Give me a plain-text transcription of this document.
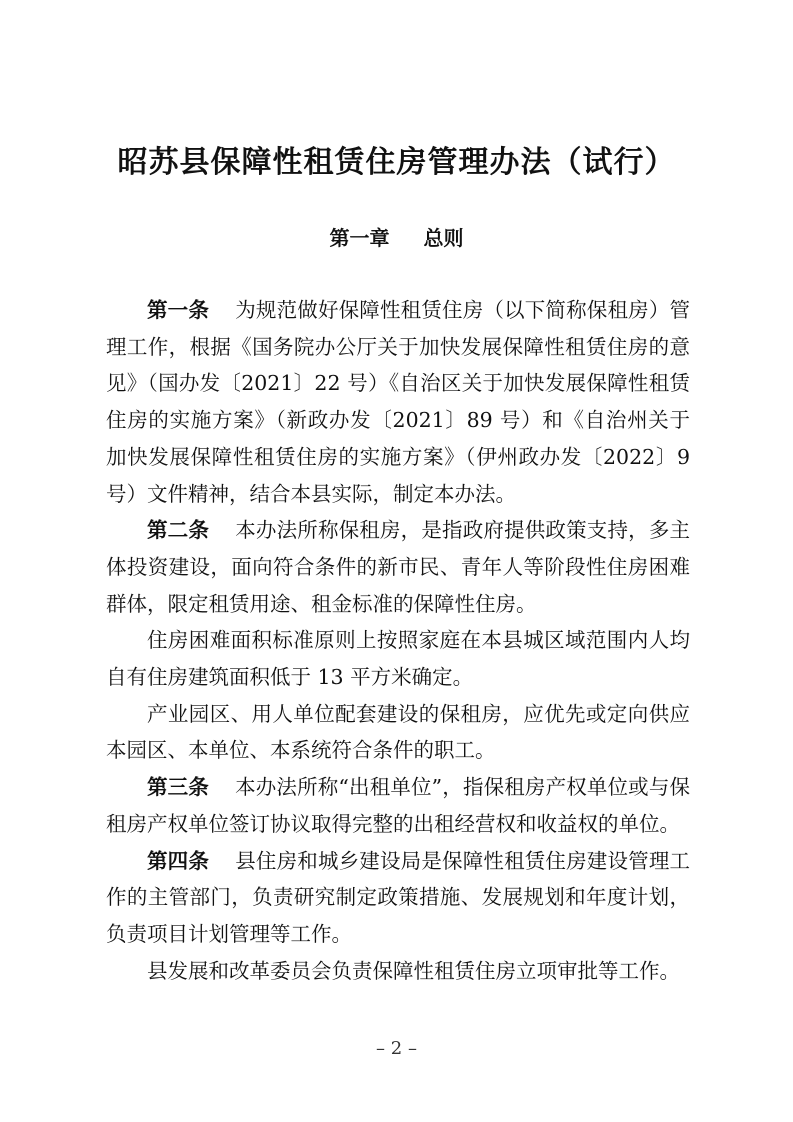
昭苏县保障性租赁住房管理办法（试行）
第一章 总则

第一条 为规范做好保障性租赁住房（以下简称保租房）管理工作，根据《国务院办公厅关于加快发展保障性租赁住房的意见》（国办发〔2021〕22 号）《自治区关于加快发展保障性租赁住房的实施方案》（新政办发〔2021〕89 号）和《自治州关于加快发展保障性租赁住房的实施方案》（伊州政办发〔2022〕9 号）文件精神，结合本县实际，制定本办法。

第二条 本办法所称保租房，是指政府提供政策支持，多主体投资建设，面向符合条件的新市民、青年人等阶段性住房困难群体，限定租赁用途、租金标准的保障性住房。

住房困难面积标准原则上按照家庭在本县城区域范围内人均自有住房建筑面积低于 13 平方米确定。

产业园区、用人单位配套建设的保租房，应优先或定向供应本园区、本单位、本系统符合条件的职工。

第三条 本办法所称“出租单位”，指保租房产权单位或与保租房产权单位签订协议取得完整的出租经营权和收益权的单位。

第四条 县住房和城乡建设局是保障性租赁住房建设管理工作的主管部门，负责研究制定政策措施、发展规划和年度计划，负责项目计划管理等工作。

县发展和改革委员会负责保障性租赁住房立项审批等工作。

– 2 –
